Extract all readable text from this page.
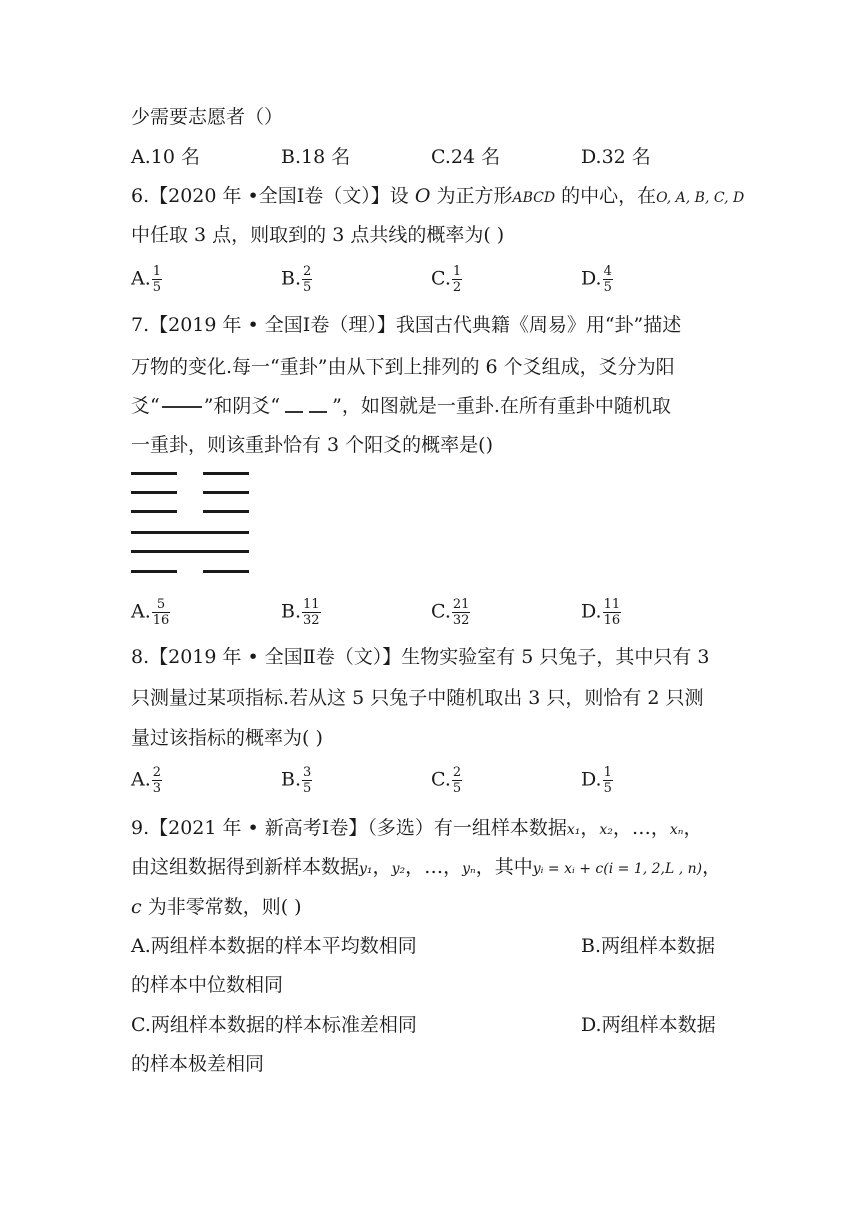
少需要志愿者（）
A.10 名	B.18 名	C.24 名	D.32 名
6.【2020 年 •全国Ⅰ卷（文）】设 O 为正方形ABCD 的中心，在O, A, B, C, D
中任取 3 点，则取到的 3 点共线的概率为( )
A. $\frac{1}{5}$	B. $\frac{2}{5}$	C. $\frac{1}{2}$	D. $\frac{4}{5}$
7.【2019 年 • 全国Ⅰ卷（理）】我国古代典籍《周易》用“卦”描述
万物的变化.每一“重卦”由从下到上排列的 6 个爻组成，爻分为阳
爻“ ”和阴爻“	”，如图就是一重卦.在所有重卦中随机取
一重卦，则该重卦恰有 3 个阳爻的概率是()
A. $\frac{5}{16}$	B. $\frac{11}{32}$	C. $\frac{21}{32}$	D. $\frac{11}{16}$
8.【2019 年 • 全国Ⅱ卷（文）】生物实验室有 5 只兔子，其中只有 3
只测量过某项指标.若从这 5 只兔子中随机取出 3 只，则恰有 2 只测
量过该指标的概率为( )
A. $\frac{2}{3}$	B. $\frac{3}{5}$	C. $\frac{2}{5}$	D. $\frac{1}{5}$
9.【2021 年 • 新高考Ⅰ卷】（多选）有一组样本数据x₁，x₂，…，xₙ，
由这组数据得到新样本数据y₁，y₂，…，yₙ，其中yᵢ = xᵢ + c(i = 1, 2,L , n)，
c 为非零常数，则( )
A.两组样本数据的样本平均数相同	B.两组样本数据
的样本中位数相同
C.两组样本数据的样本标准差相同	D.两组样本数据
的样本极差相同
